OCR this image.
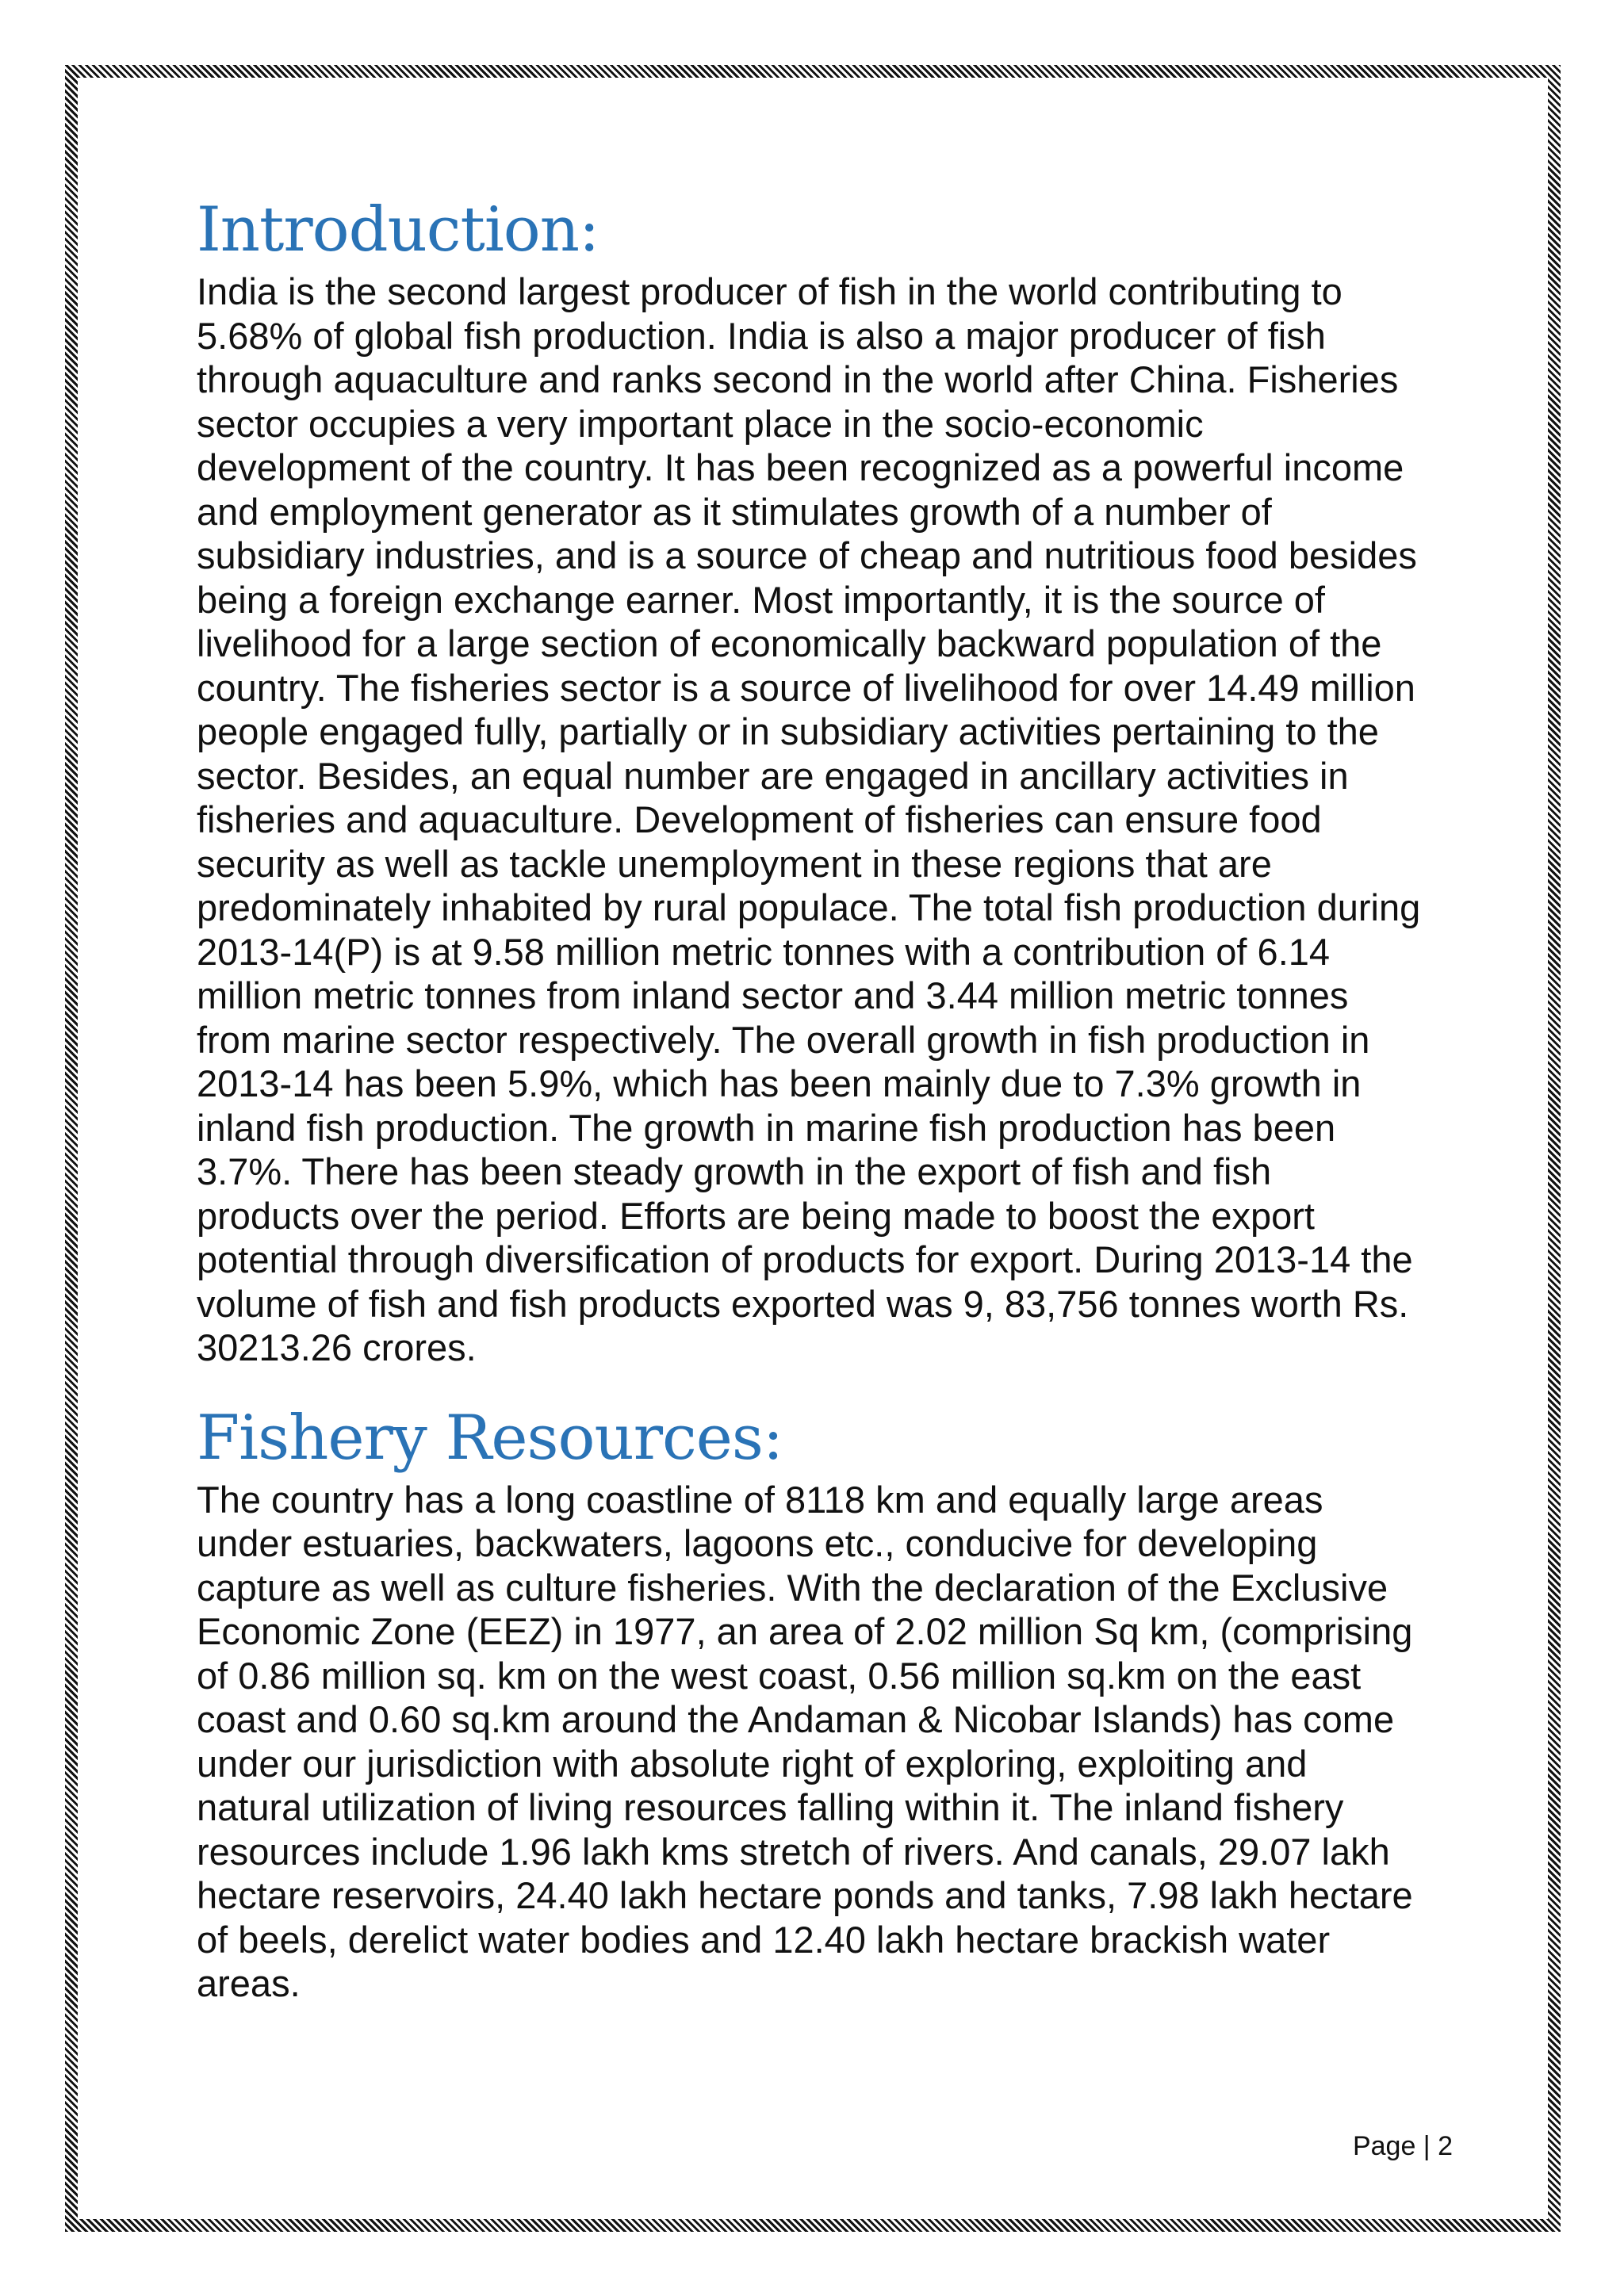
Introduction:

India is the second largest producer of fish in the world contributing to
5.68% of global fish production. India is also a major producer of fish
through aquaculture and ranks second in the world after China. Fisheries
sector occupies a very important place in the socio-economic
development of the country. It has been recognized as a powerful income
and employment generator as it stimulates growth of a number of
subsidiary industries, and is a source of cheap and nutritious food besides
being a foreign exchange earner. Most importantly, it is the source of
livelihood for a large section of economically backward population of the
country. The fisheries sector is a source of livelihood for over 14.49 million
people engaged fully, partially or in subsidiary activities pertaining to the
sector. Besides, an equal number are engaged in ancillary activities in
fisheries and aquaculture. Development of fisheries can ensure food
security as well as tackle unemployment in these regions that are
predominately inhabited by rural populace. The total fish production during
2013-14(P) is at 9.58 million metric tonnes with a contribution of 6.14
million metric tonnes from inland sector and 3.44 million metric tonnes
from marine sector respectively. The overall growth in fish production in
2013-14 has been 5.9%, which has been mainly due to 7.3% growth in
inland fish production. The growth in marine fish production has been
3.7%. There has been steady growth in the export of fish and fish
products over the period. Efforts are being made to boost the export
potential through diversification of products for export. During 2013-14 the
volume of fish and fish products exported was 9, 83,756 tonnes worth Rs.
30213.26 crores.

Fishery Resources:

The country has a long coastline of 8118 km and equally large areas
under estuaries, backwaters, lagoons etc., conducive for developing
capture as well as culture fisheries. With the declaration of the Exclusive
Economic Zone (EEZ) in 1977, an area of 2.02 million Sq km, (comprising
of 0.86 million sq. km on the west coast, 0.56 million sq.km on the east
coast and 0.60 sq.km around the Andaman & Nicobar Islands) has come
under our jurisdiction with absolute right of exploring, exploiting and
natural utilization of living resources falling within it. The inland fishery
resources include 1.96 lakh kms stretch of rivers. And canals, 29.07 lakh
hectare reservoirs, 24.40 lakh hectare ponds and tanks, 7.98 lakh hectare
of beels, derelict water bodies and 12.40 lakh hectare brackish water
areas.

Page | 2
